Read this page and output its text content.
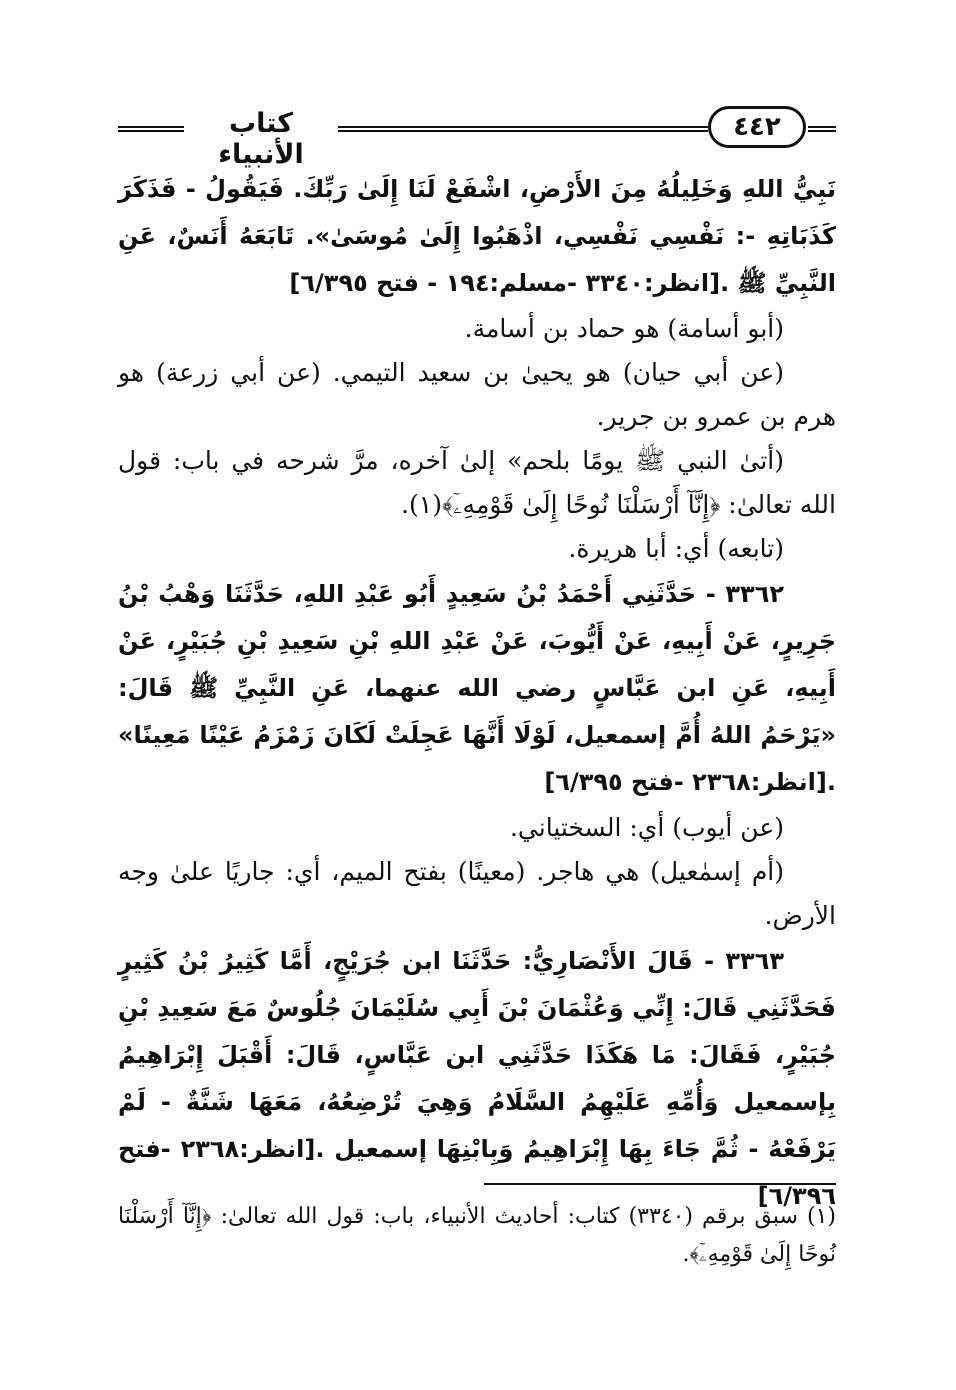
كتاب الأنبياء
٤٤٢

نَبِيُّ اللهِ وَخَلِيلُهُ مِنَ الأَرْضِ، اشْفَعْ لَنَا إِلَىٰ رَبِّكَ. فَيَقُولُ - فَذَكَرَ كَذَبَاتِهِ -: نَفْسِي نَفْسِي، اذْهَبُوا إِلَىٰ مُوسَىٰ». تَابَعَهُ أَنَسٌ، عَنِ النَّبِيِّ ﷺ .[انظر:٣٣٤٠ -مسلم:١٩٤ - فتح ٦/٣٩٥]

(أبو أسامة) هو حماد بن أسامة.

(عن أبي حيان) هو يحيىٰ بن سعيد التيمي. (عن أبي زرعة) هو هرم بن عمرو بن جرير.

(أتىٰ النبي ﷺ يومًا بلحم» إلىٰ آخره، مرَّ شرحه في باب: قول الله تعالىٰ: ﴿إِنَّآ أَرْسَلْنَا نُوحًا إِلَىٰ قَوْمِهِۦٓ﴾(١).

(تابعه) أي: أبا هريرة.

٣٣٦٢ - حَدَّثَنِي أَحْمَدُ بْنُ سَعِيدٍ أَبُو عَبْدِ اللهِ، حَدَّثَنَا وَهْبُ بْنُ جَرِيرٍ، عَنْ أَبِيهِ، عَنْ أَيُّوبَ، عَنْ عَبْدِ اللهِ بْنِ سَعِيدِ بْنِ جُبَيْرٍ، عَنْ أَبِيهِ، عَنِ ابن عَبَّاسٍ رضي الله عنهما، عَنِ النَّبِيِّ ﷺ قَالَ: «يَرْحَمُ اللهُ أُمَّ إسمعيل، لَوْلَا أَنَّهَا عَجِلَتْ لَكَانَ زَمْزَمُ عَيْنًا مَعِينًا» .[انظر:٢٣٦٨ -فتح ٦/٣٩٥]

(عن أيوب) أي: السختياني.

(أم إسمٰعيل) هي هاجر. (معينًا) بفتح الميم، أي: جاريًا علىٰ وجه الأرض.

٣٣٦٣ - قَالَ الأَنْصَارِيُّ: حَدَّثَنَا ابن جُرَيْجٍ، أَمَّا كَثِيرُ بْنُ كَثِيرٍ فَحَدَّثَنِي قَالَ: إِنِّي وَعُثْمَانَ بْنَ أَبِي سُلَيْمَانَ جُلُوسٌ مَعَ سَعِيدِ بْنِ جُبَيْرٍ، فَقَالَ: مَا هَكَذَا حَدَّثَنِي ابن عَبَّاسٍ، قَالَ: أَقْبَلَ إِبْرَاهِيمُ بِإسمعيل وَأُمِّهِ عَلَيْهِمُ السَّلَامُ وَهِيَ تُرْضِعُهُ، مَعَهَا شَنَّةٌ - لَمْ يَرْفَعْهُ - ثُمَّ جَاءَ بِهَا إِبْرَاهِيمُ وَبِابْنِهَا إسمعيل .[انظر:٢٣٦٨ -فتح ٦/٣٩٦]

(١) سبق برقم (٣٣٤٠) كتاب: أحاديث الأنبياء، باب: قول الله تعالىٰ: ﴿إِنَّآ أَرْسَلْنَا نُوحًا إِلَىٰ قَوْمِهِۦٓ﴾.
